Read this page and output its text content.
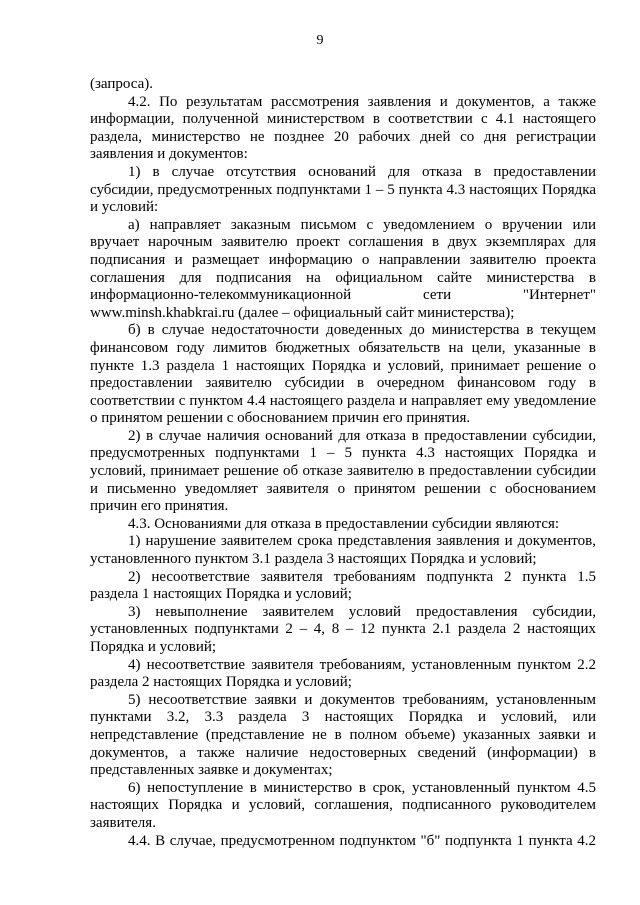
9

(запроса).

4.2. По результатам рассмотрения заявления и документов, а также информации, полученной министерством в соответствии с 4.1 настоящего раздела, министерство не позднее 20 рабочих дней со дня регистрации заявления и документов:

1) в случае отсутствия оснований для отказа в предоставлении субсидии, предусмотренных подпунктами 1 – 5 пункта 4.3 настоящих Порядка и условий:

а) направляет заказным письмом с уведомлением о вручении или вручает нарочным заявителю проект соглашения в двух экземплярах для подписания и размещает информацию о направлении заявителю проекта соглашения для подписания на официальном сайте министерства в информационно-телекоммуникационной сети "Интернет" www.minsh.khabkrai.ru (далее – официальный сайт министерства);

б) в случае недостаточности доведенных до министерства в текущем финансовом году лимитов бюджетных обязательств на цели, указанные в пункте 1.3 раздела 1 настоящих Порядка и условий, принимает решение о предоставлении заявителю субсидии в очередном финансовом году в соответствии с пунктом 4.4 настоящего раздела и направляет ему уведомление о принятом решении с обоснованием причин его принятия.

2) в случае наличия оснований для отказа в предоставлении субсидии, предусмотренных подпунктами 1 – 5 пункта 4.3 настоящих Порядка и условий, принимает решение об отказе заявителю в предоставлении субсидии и письменно уведомляет заявителя о принятом решении с обоснованием причин его принятия.

4.3. Основаниями для отказа в предоставлении субсидии являются:

1) нарушение заявителем срока представления заявления и документов, установленного пунктом 3.1 раздела 3 настоящих Порядка и условий;

2) несоответствие заявителя требованиям подпункта 2 пункта 1.5 раздела 1 настоящих Порядка и условий;

3) невыполнение заявителем условий предоставления субсидии, установленных подпунктами 2 – 4, 8 – 12 пункта 2.1 раздела 2 настоящих Порядка и условий;

4) несоответствие заявителя требованиям, установленным пунктом 2.2 раздела 2 настоящих Порядка и условий;

5) несоответствие заявки и документов требованиям, установленным пунктами 3.2, 3.3 раздела 3 настоящих Порядка и условий, или непредставление (представление не в полном объеме) указанных заявки и документов, а также наличие недостоверных сведений (информации) в представленных заявке и документах;

6) непоступление в министерство в срок, установленный пунктом 4.5 настоящих Порядка и условий, соглашения, подписанного руководителем заявителя.

4.4. В случае, предусмотренном подпунктом "б" подпункта 1 пункта 4.2
